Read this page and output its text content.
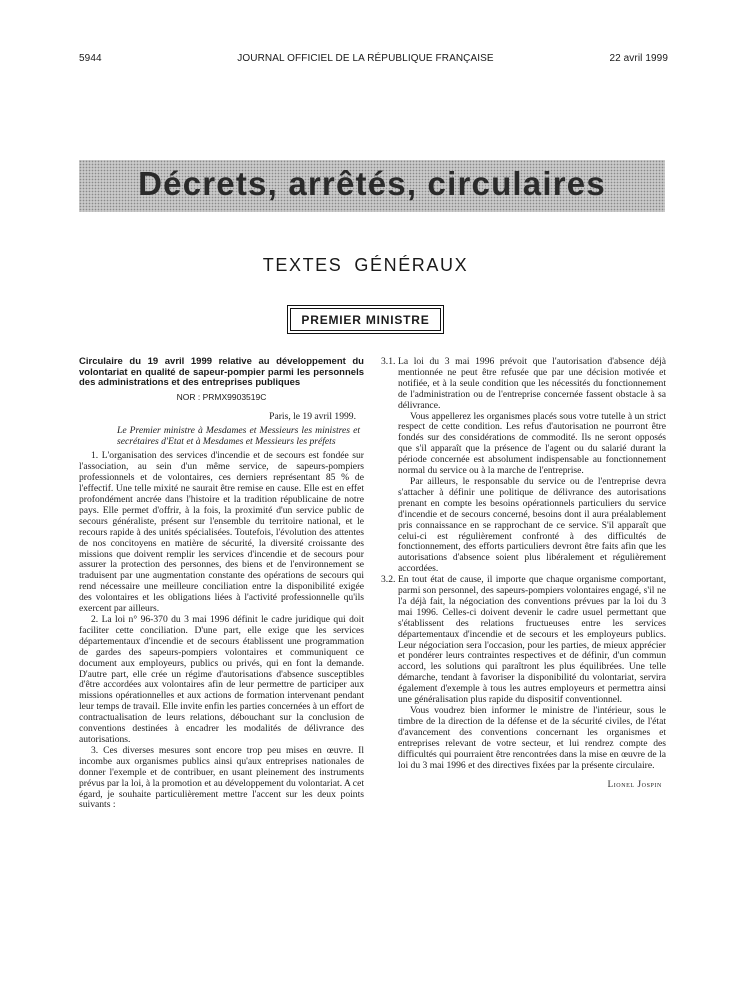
5944	JOURNAL OFFICIEL DE LA RÉPUBLIQUE FRANÇAISE	22 avril 1999
Décrets, arrêtés, circulaires
TEXTES GÉNÉRAUX
PREMIER MINISTRE
Circulaire du 19 avril 1999 relative au développement du volontariat en qualité de sapeur-pompier parmi les personnels des administrations et des entreprises publiques
NOR : PRMX9903519C
Paris, le 19 avril 1999.
Le Premier ministre à Mesdames et Messieurs les ministres et secrétaires d'Etat et à Mesdames et Messieurs les préfets

1. L'organisation des services d'incendie et de secours est fondée sur l'association, au sein d'un même service, de sapeurs-pompiers professionnels et de volontaires, ces derniers représentant 85 % de l'effectif. Une telle mixité ne saurait être remise en cause. Elle est en effet profondément ancrée dans l'histoire et la tradition républicaine de notre pays. Elle permet d'offrir, à la fois, la proximité d'un service public de secours généraliste, présent sur l'ensemble du territoire national, et le recours rapide à des unités spécialisées. Toutefois, l'évolution des attentes de nos concitoyens en matière de sécurité, la diversité croissante des missions que doivent remplir les services d'incendie et de secours pour assurer la protection des personnes, des biens et de l'environnement se traduisent par une augmentation constante des opérations de secours qui rend nécessaire une meilleure conciliation entre la disponibilité exigée des volontaires et les obligations liées à l'activité professionnelle qu'ils exercent par ailleurs.

2. La loi n° 96-370 du 3 mai 1996 définit le cadre juridique qui doit faciliter cette conciliation. D'une part, elle exige que les services départementaux d'incendie et de secours établissent une programmation de gardes des sapeurs-pompiers volontaires et communiquent ce document aux employeurs, publics ou privés, qui en font la demande. D'autre part, elle crée un régime d'autorisations d'absence susceptibles d'être accordées aux volontaires afin de leur permettre de participer aux missions opérationnelles et aux actions de formation intervenant pendant leur temps de travail. Elle invite enfin les parties concernées à un effort de contractualisation de leurs relations, débouchant sur la conclusion de conventions destinées à encadrer les modalités de délivrance des autorisations.

3. Ces diverses mesures sont encore trop peu mises en œuvre. Il incombe aux organismes publics ainsi qu'aux entreprises nationales de donner l'exemple et de contribuer, en usant pleinement des instruments prévus par la loi, à la promotion et au développement du volontariat. A cet égard, je souhaite particulièrement mettre l'accent sur les deux points suivants :

3.1. La loi du 3 mai 1996 prévoit que l'autorisation d'absence déjà mentionnée ne peut être refusée que par une décision motivée et notifiée, et à la seule condition que les nécessités du fonctionnement de l'administration ou de l'entreprise concernée fassent obstacle à sa délivrance.

Vous appellerez les organismes placés sous votre tutelle à un strict respect de cette condition. Les refus d'autorisation ne pourront être fondés sur des considérations de commodité. Ils ne seront opposés que s'il apparaît que la présence de l'agent ou du salarié durant la période concernée est absolument indispensable au fonctionnement normal du service ou à la marche de l'entreprise.

Par ailleurs, le responsable du service ou de l'entreprise devra s'attacher à définir une politique de délivrance des autorisations prenant en compte les besoins opérationnels particuliers du service d'incendie et de secours concerné, besoins dont il aura préalablement pris connaissance en se rapprochant de ce service. S'il apparaît que celui-ci est régulièrement confronté à des difficultés de fonctionnement, des efforts particuliers devront être faits afin que les autorisations d'absence soient plus libéralement et régulièrement accordées.

3.2. En tout état de cause, il importe que chaque organisme comportant, parmi son personnel, des sapeurs-pompiers volontaires engagé, s'il ne l'a déjà fait, la négociation des conventions prévues par la loi du 3 mai 1996. Celles-ci doivent devenir le cadre usuel permettant que s'établissent des relations fructueuses entre les services départementaux d'incendie et de secours et les employeurs publics. Leur négociation sera l'occasion, pour les parties, de mieux apprécier et pondérer leurs contraintes respectives et de définir, d'un commun accord, les solutions qui paraîtront les plus équilibrées. Une telle démarche, tendant à favoriser la disponibilité du volontariat, servira également d'exemple à tous les autres employeurs et permettra ainsi une généralisation plus rapide du dispositif conventionnel.

Vous voudrez bien informer le ministre de l'intérieur, sous le timbre de la direction de la défense et de la sécurité civiles, de l'état d'avancement des conventions concernant les organismes et entreprises relevant de votre secteur, et lui rendrez compte des difficultés qui pourraient être rencontrées dans la mise en œuvre de la loi du 3 mai 1996 et des directives fixées par la présente circulaire.

Lionel Jospin
